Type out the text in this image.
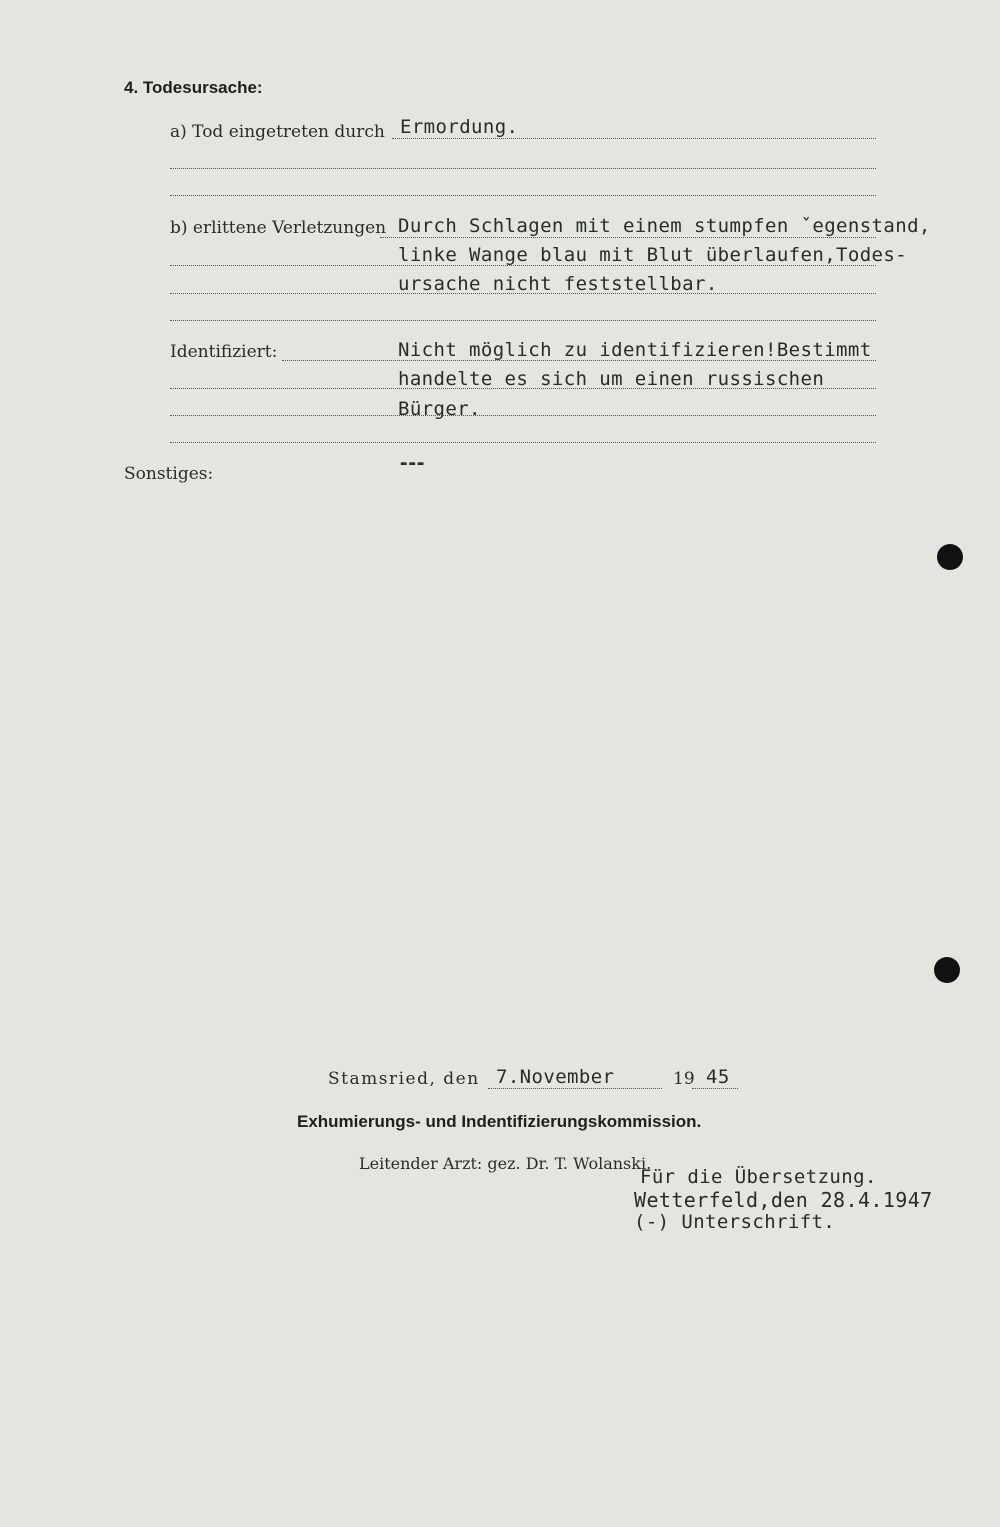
4. Todesursache:
a) Tod eingetreten durch Ermordung.
b) erlittene Verletzungen Durch Schlagen mit einem stumpfen ˇegenstand,
linke Wange blau mit Blut überlaufen,Todes-
ursache nicht feststellbar.
Identifiziert:	Nicht möglich zu identifizieren!Bestimmt
handelte es sich um einen russischen
Bürger.
Sonstiges:	---
Stamsried, den 7.November	19 45
Exhumierungs- und Indentifizierungskommission.
Leitender Arzt: gez. Dr. T. Wolanski.
Für die Übersetzung.
Wetterfeld,den 28.4.1947
(-) Unterschrift.
